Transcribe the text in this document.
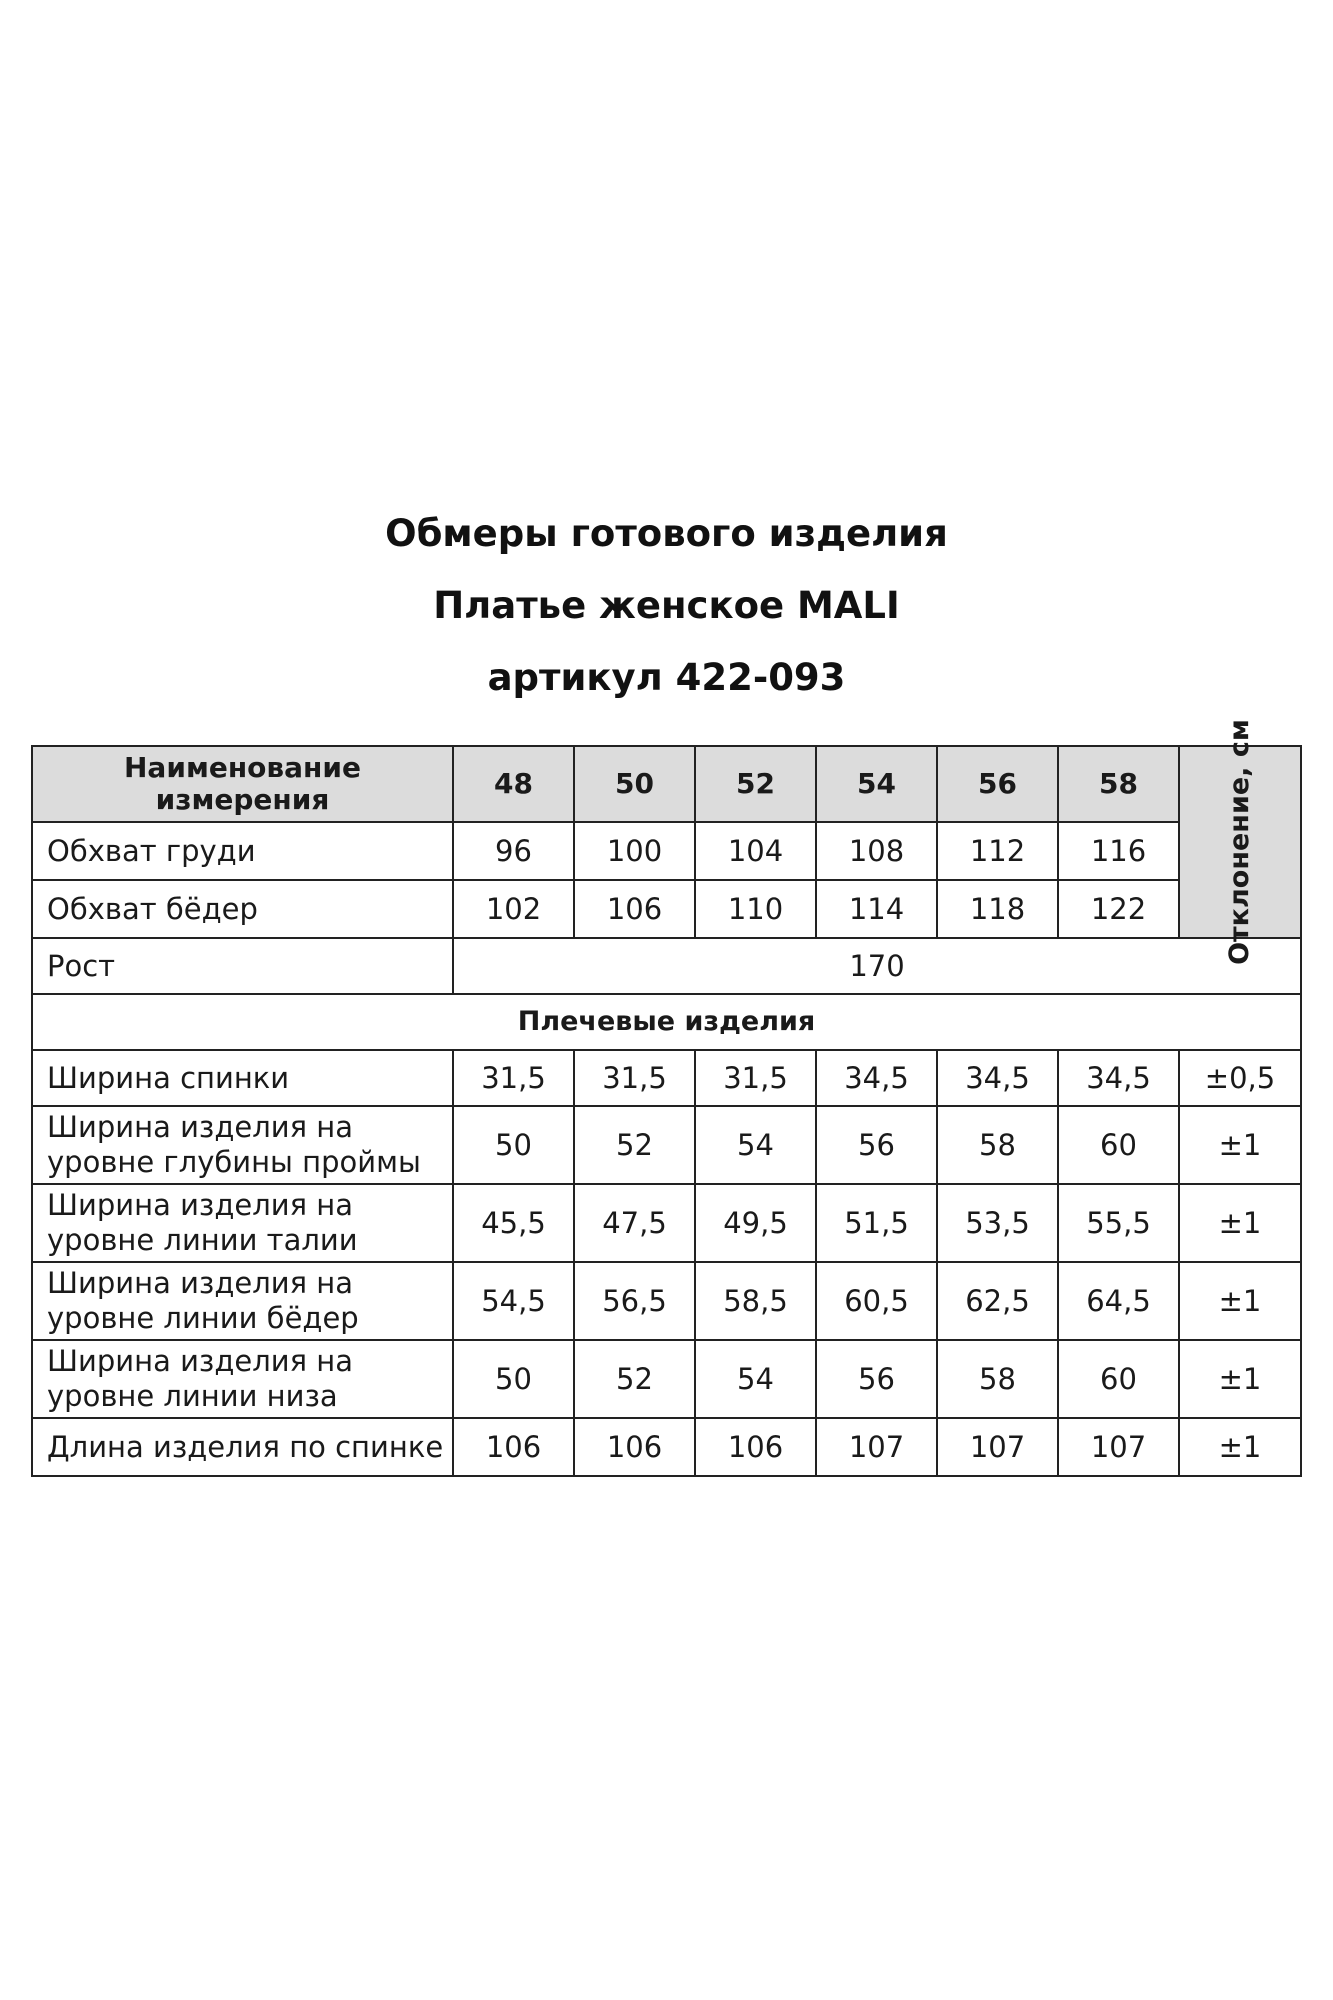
Обмеры готового изделия
Платье женское MALI
артикул 422-093
Наименование измерения	48	50	52	54	56	58	Отклонение, см

Обхват груди	96	100	104	108	112	116	
Обхват бёдер	102	106	110	114	118	122	
Рост	170						
Плечевые изделия							
Ширина спинки	31,5	31,5	31,5	34,5	34,5	34,5	±0,5
Ширина изделия на уровне глубины проймы	50	52	54	56	58	60	±1
Ширина изделия на уровне линии талии	45,5	47,5	49,5	51,5	53,5	55,5	±1
Ширина изделия на уровне линии бёдер	54,5	56,5	58,5	60,5	62,5	64,5	±1
Ширина изделия на уровне линии низа	50	52	54	56	58	60	±1
Длина изделия по спинке	106	106	106	107	107	107	±1
